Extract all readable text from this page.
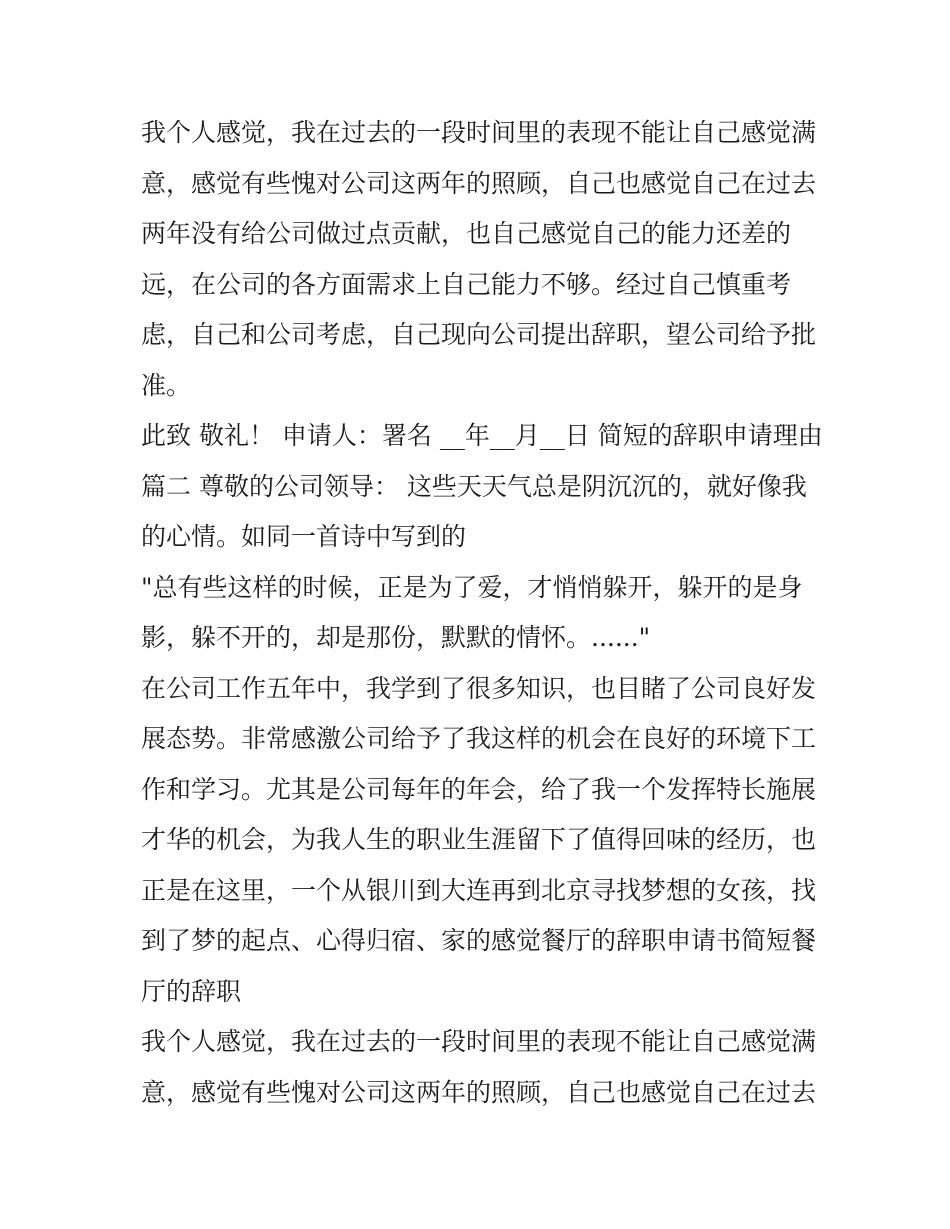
我个人感觉，我在过去的一段时间里的表现不能让自己感觉满
意，感觉有些愧对公司这两年的照顾，自己也感觉自己在过去
两年没有给公司做过点贡献，也自己感觉自己的能力还差的
远，在公司的各方面需求上自己能力不够。经过自己慎重考
虑，自己和公司考虑，自己现向公司提出辞职，望公司给予批
准。
此致 敬礼！ 申请人：署名 __年__月__日 简短的辞职申请理由
篇二 尊敬的公司领导： 这些天天气总是阴沉沉的，就好像我
的心情。如同一首诗中写到的
"总有些这样的时候，正是为了爱，才悄悄躲开，躲开的是身
影，躲不开的，却是那份，默默的情怀。......"
在公司工作五年中，我学到了很多知识，也目睹了公司良好发
展态势。非常感激公司给予了我这样的机会在良好的环境下工
作和学习。尤其是公司每年的年会，给了我一个发挥特长施展
才华的机会，为我人生的职业生涯留下了值得回味的经历，也
正是在这里，一个从银川到大连再到北京寻找梦想的女孩，找
到了梦的起点、心得归宿、家的感觉餐厅的辞职申请书简短餐
厅的辞职
我个人感觉，我在过去的一段时间里的表现不能让自己感觉满
意，感觉有些愧对公司这两年的照顾，自己也感觉自己在过去
